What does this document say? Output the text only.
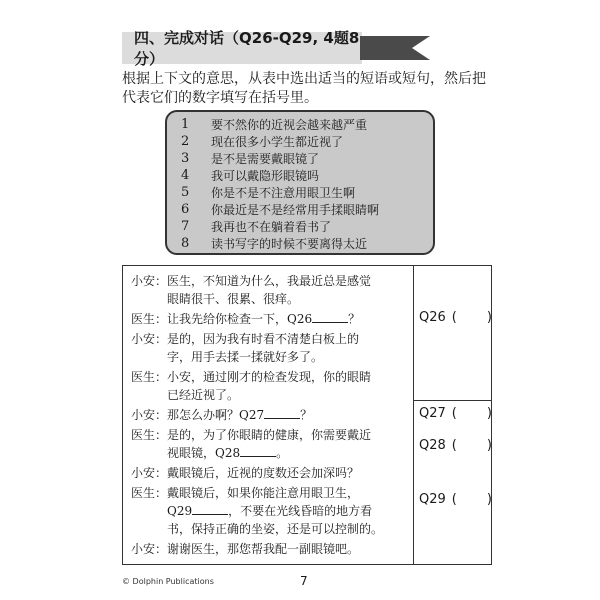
四、完成对话（Q26-Q29, 4题8分）
根据上下文的意思，从表中选出适当的短语或短句，然后把代表它们的数字填写在括号里。
1	要不然你的近视会越来越严重
2	现在很多小学生都近视了
3	是不是需要戴眼镜了
4	我可以戴隐形眼镜吗
5	你是不是不注意用眼卫生啊
6	你最近是不是经常用手揉眼睛啊
7	我再也不在躺着看书了
8	读书写字的时候不要离得太近
小安：医生，不知道为什么，我最近总是感觉
眼睛很干、很累、很痒。
医生：让我先给你检查一下，Q26	？
小安：是的，因为我有时看不清楚白板上的
字，用手去揉一揉就好多了。
医生：小安，通过刚才的检查发现，你的眼睛
已经近视了。
小安：那怎么办啊？Q27	？
医生：是的，为了你眼睛的健康，你需要戴近
视眼镜，Q28	。
小安：戴眼镜后，近视的度数还会加深吗？
医生：戴眼镜后，如果你能注意用眼卫生，
Q29	，不要在光线昏暗的地方看
书，保持正确的坐姿，还是可以控制的。
小安：谢谢医生，那您帮我配一副眼镜吧。
Q26 ( )
Q27 ( )
Q28 ( )
Q29 ( )
© Dolphin Publications	7
